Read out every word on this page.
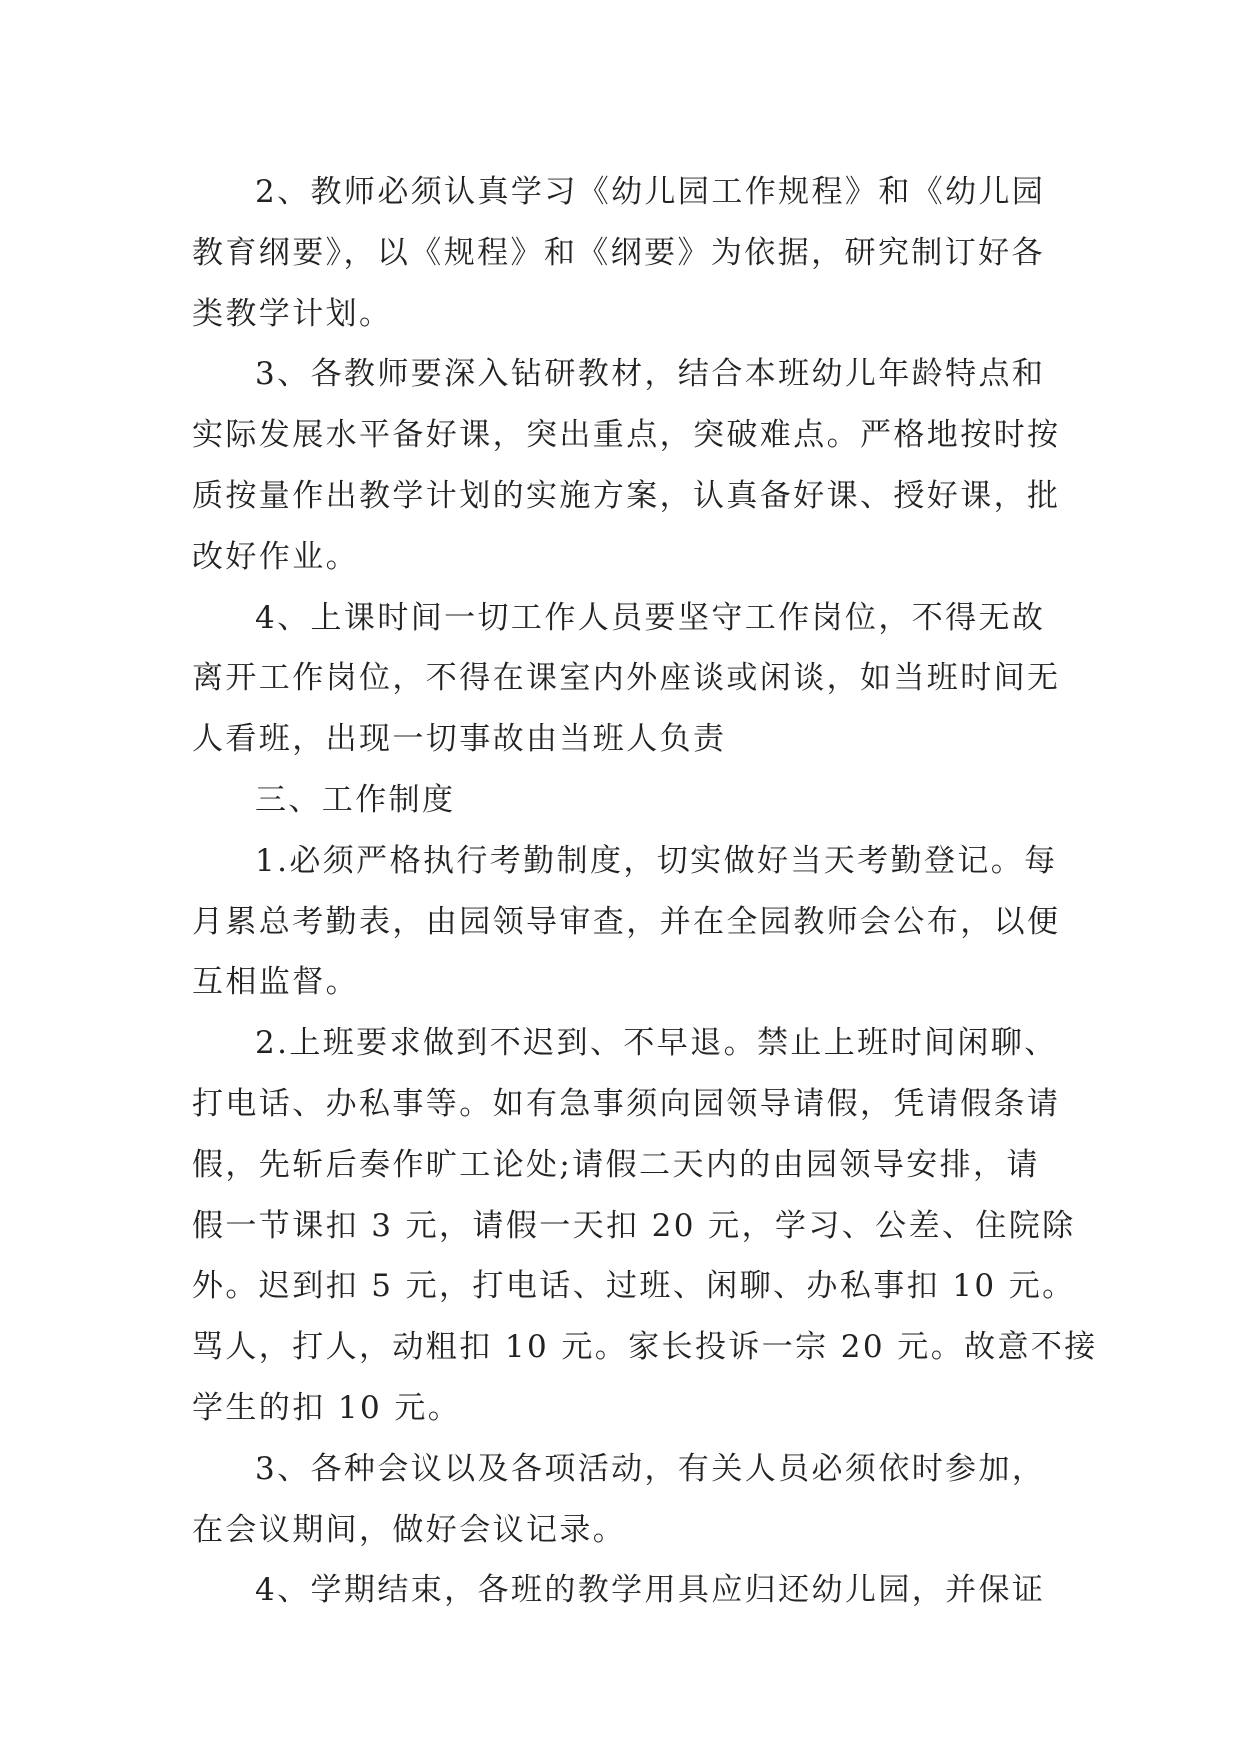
2、教师必须认真学习《幼儿园工作规程》和《幼儿园
教育纲要》，以《规程》和《纲要》为依据，研究制订好各
类教学计划。
3、各教师要深入钻研教材，结合本班幼儿年龄特点和
实际发展水平备好课，突出重点，突破难点。严格地按时按
质按量作出教学计划的实施方案，认真备好课、授好课，批
改好作业。
4、上课时间一切工作人员要坚守工作岗位，不得无故
离开工作岗位，不得在课室内外座谈或闲谈，如当班时间无
人看班，出现一切事故由当班人负责
三、工作制度
1.必须严格执行考勤制度，切实做好当天考勤登记。每
月累总考勤表，由园领导审查，并在全园教师会公布，以便
互相监督。
2.上班要求做到不迟到、不早退。禁止上班时间闲聊、
打电话、办私事等。如有急事须向园领导请假，凭请假条请
假，先斩后奏作旷工论处;请假二天内的由园领导安排，请
假一节课扣 3 元，请假一天扣 20 元，学习、公差、住院除
外。迟到扣 5 元，打电话、过班、闲聊、办私事扣 10 元。
骂人，打人，动粗扣 10 元。家长投诉一宗 20 元。故意不接
学生的扣 10 元。
3、各种会议以及各项活动，有关人员必须依时参加，
在会议期间，做好会议记录。
4、学期结束，各班的教学用具应归还幼儿园，并保证
